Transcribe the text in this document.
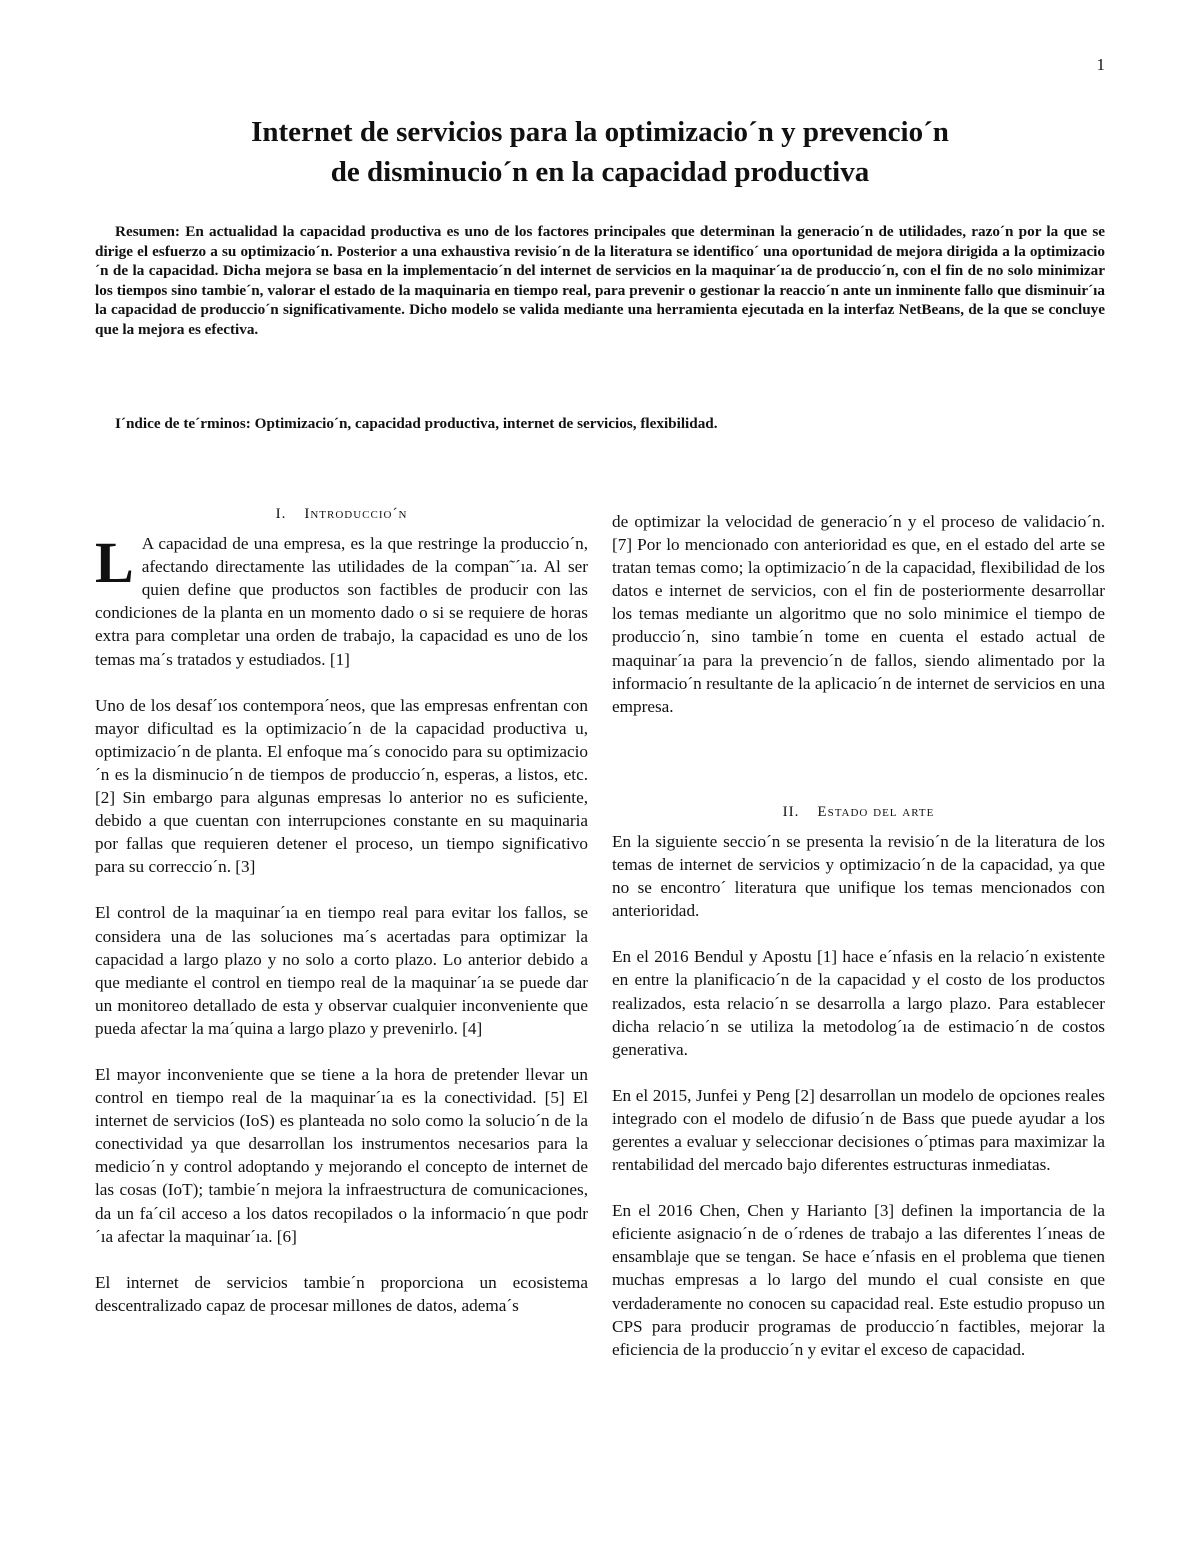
1
Internet de servicios para la optimizacio´n y prevencio´n
de disminucio´n en la capacidad productiva

Resumen: En actualidad la capacidad productiva es uno de los factores principales que determinan la generacio´n de utilidades, razo´n por la que se dirige el esfuerzo a su optimizacio´n. Posterior a una exhaustiva revisio´n de la literatura se identifico´ una oportunidad de mejora dirigida a la optimizacio´n de la capacidad. Dicha mejora se basa en la implementacio´n del internet de servicios en la maquinar´ıa de produccio´n, con el fin de no solo minimizar los tiempos sino tambie´n, valorar el estado de la maquinaria en tiempo real, para prevenir o gestionar la reaccio´n ante un inminente fallo que disminuir´ıa la capacidad de produccio´n significativamente. Dicho modelo se valida mediante una herramienta ejecutada en la interfaz NetBeans, de la que se concluye que la mejora es efectiva.

I´ndice de te´rminos: Optimizacio´n, capacidad productiva, internet de servicios, flexibilidad.

I. Introduccio´n

L A capacidad de una empresa, es la que restringe la produccio´n, afectando directamente las utilidades de la compan˜´ıa. Al ser quien define que productos son factibles de producir con las condiciones de la planta en un momento dado o si se requiere de horas extra para completar una orden de trabajo, la capacidad es uno de los temas ma´s tratados y estudiados. [1]

Uno de los desaf´ıos contempora´neos, que las empresas enfrentan con mayor dificultad es la optimizacio´n de la capacidad productiva u, optimizacio´n de planta. El enfoque ma´s conocido para su optimizacio´n es la disminucio´n de tiempos de produccio´n, esperas, a listos, etc. [2] Sin embargo para algunas empresas lo anterior no es suficiente, debido a que cuentan con interrupciones constante en su maquinaria por fallas que requieren detener el proceso, un tiempo significativo para su correccio´n. [3]

El control de la maquinar´ıa en tiempo real para evitar los fallos, se considera una de las soluciones ma´s acertadas para optimizar la capacidad a largo plazo y no solo a corto plazo. Lo anterior debido a que mediante el control en tiempo real de la maquinar´ıa se puede dar un monitoreo detallado de esta y observar cualquier inconveniente que pueda afectar la ma´quina a largo plazo y prevenirlo. [4]

El mayor inconveniente que se tiene a la hora de pretender llevar un control en tiempo real de la maquinar´ıa es la conectividad. [5] El internet de servicios (IoS) es planteada no solo como la solucio´n de la conectividad ya que desarrollan los instrumentos necesarios para la medicio´n y control adoptando y mejorando el concepto de internet de las cosas (IoT); tambie´n mejora la infraestructura de comunicaciones, da un fa´cil acceso a los datos recopilados o la informacio´n que podr´ıa afectar la maquinar´ıa. [6]

El internet de servicios tambie´n proporciona un ecosistema descentralizado capaz de procesar millones de datos, adema´s

de optimizar la velocidad de generacio´n y el proceso de validacio´n. [7] Por lo mencionado con anterioridad es que, en el estado del arte se tratan temas como; la optimizacio´n de la capacidad, flexibilidad de los datos e internet de servicios, con el fin de posteriormente desarrollar los temas mediante un algoritmo que no solo minimice el tiempo de produccio´n, sino tambie´n tome en cuenta el estado actual de maquinar´ıa para la prevencio´n de fallos, siendo alimentado por la informacio´n resultante de la aplicacio´n de internet de servicios en una empresa.

II. Estado del arte

En la siguiente seccio´n se presenta la revisio´n de la literatura de los temas de internet de servicios y optimizacio´n de la capacidad, ya que no se encontro´ literatura que unifique los temas mencionados con anterioridad.

En el 2016 Bendul y Apostu [1] hace e´nfasis en la relacio´n existente en entre la planificacio´n de la capacidad y el costo de los productos realizados, esta relacio´n se desarrolla a largo plazo. Para establecer dicha relacio´n se utiliza la metodolog´ıa de estimacio´n de costos generativa.

En el 2015, Junfei y Peng [2] desarrollan un modelo de opciones reales integrado con el modelo de difusio´n de Bass que puede ayudar a los gerentes a evaluar y seleccionar decisiones o´ptimas para maximizar la rentabilidad del mercado bajo diferentes estructuras inmediatas.

En el 2016 Chen, Chen y Harianto [3] definen la importancia de la eficiente asignacio´n de o´rdenes de trabajo a las diferentes l´ıneas de ensamblaje que se tengan. Se hace e´nfasis en el problema que tienen muchas empresas a lo largo del mundo el cual consiste en que verdaderamente no conocen su capacidad real. Este estudio propuso un CPS para producir programas de produccio´n factibles, mejorar la eficiencia de la produccio´n y evitar el exceso de capacidad.
